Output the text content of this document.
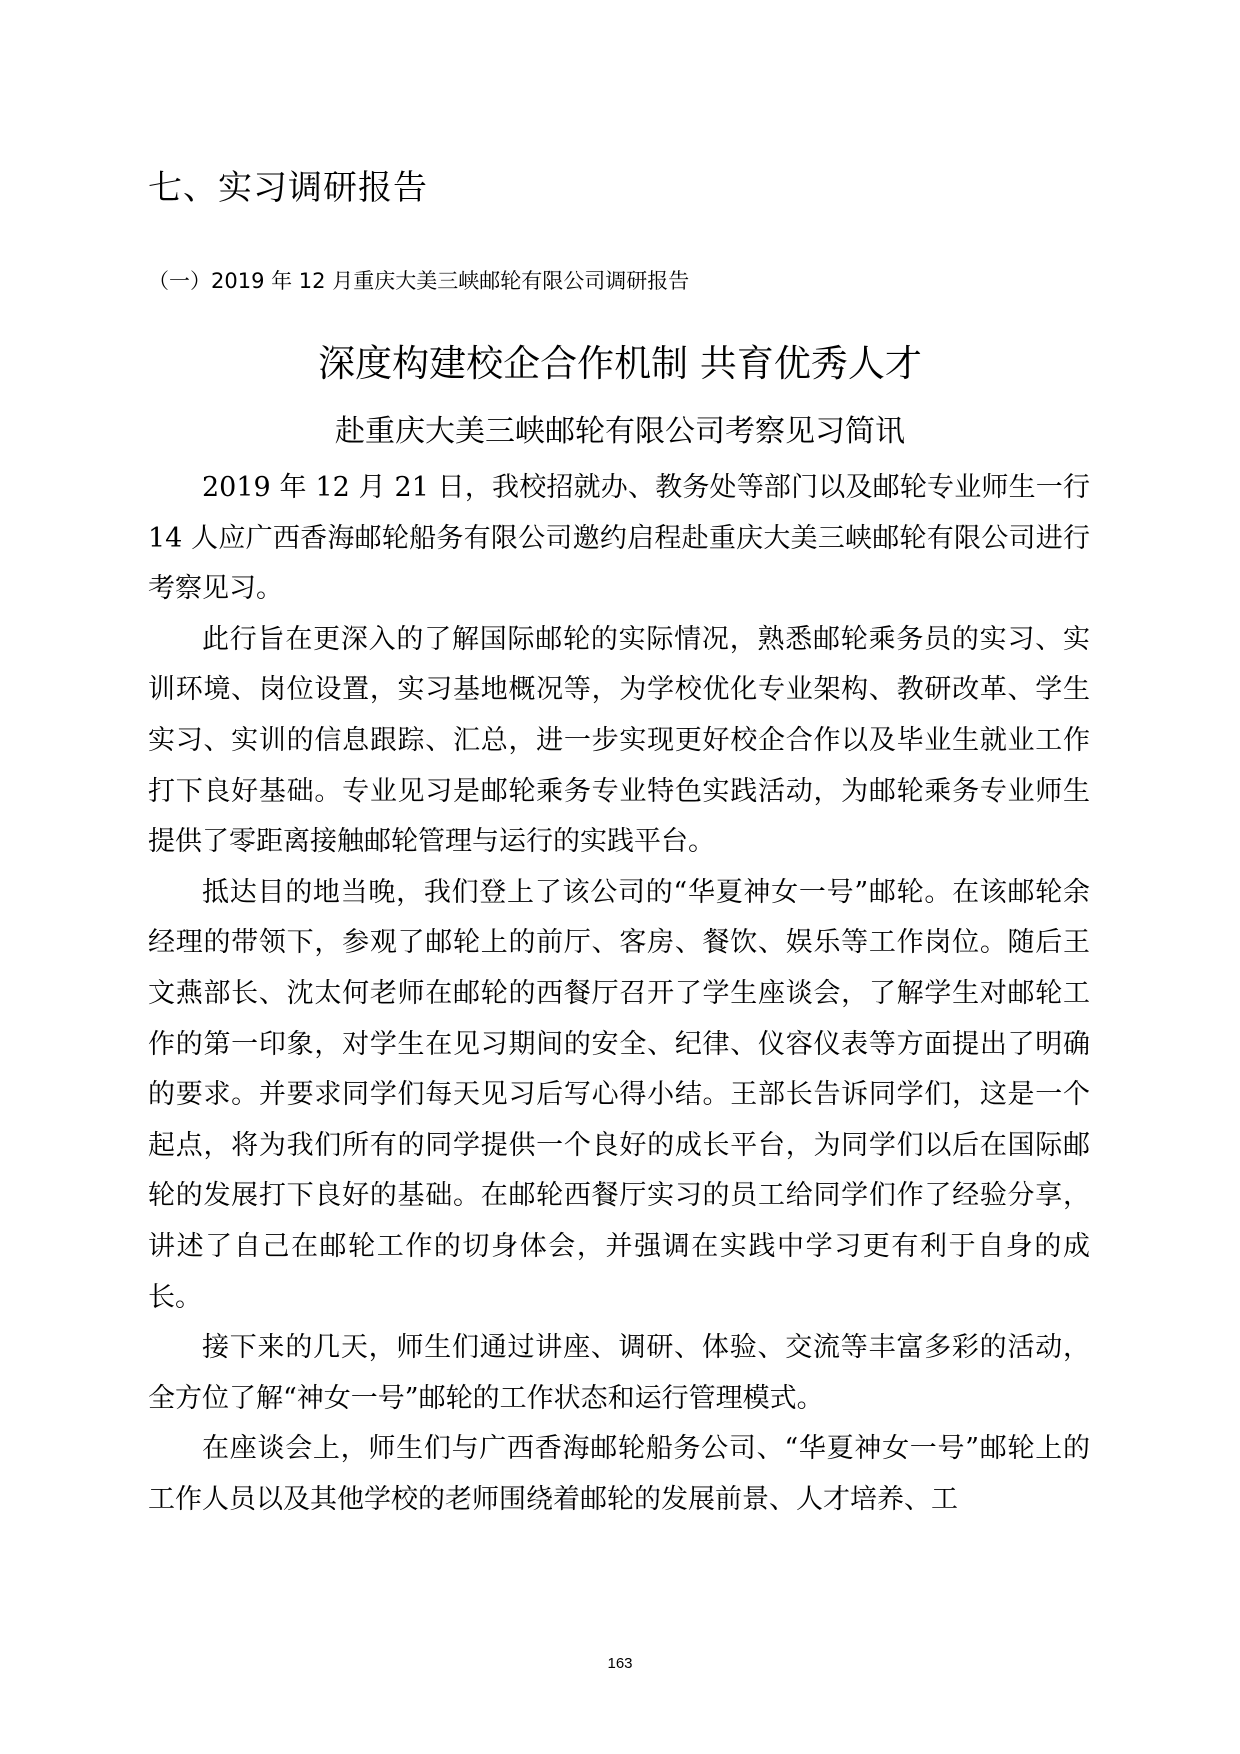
七、实习调研报告
（一）2019 年 12 月重庆大美三峡邮轮有限公司调研报告
深度构建校企合作机制 共育优秀人才
赴重庆大美三峡邮轮有限公司考察见习简讯

2019 年 12 月 21 日，我校招就办、教务处等部门以及邮轮专业师生一行 14 人应广西香海邮轮船务有限公司邀约启程赴重庆大美三峡邮轮有限公司进行考察见习。

此行旨在更深入的了解国际邮轮的实际情况，熟悉邮轮乘务员的实习、实训环境、岗位设置，实习基地概况等，为学校优化专业架构、教研改革、学生实习、实训的信息跟踪、汇总，进一步实现更好校企合作以及毕业生就业工作打下良好基础。专业见习是邮轮乘务专业特色实践活动，为邮轮乘务专业师生提供了零距离接触邮轮管理与运行的实践平台。

抵达目的地当晚，我们登上了该公司的“华夏神女一号”邮轮。在该邮轮余经理的带领下，参观了邮轮上的前厅、客房、餐饮、娱乐等工作岗位。随后王文燕部长、沈太何老师在邮轮的西餐厅召开了学生座谈会，了解学生对邮轮工作的第一印象，对学生在见习期间的安全、纪律、仪容仪表等方面提出了明确的要求。并要求同学们每天见习后写心得小结。王部长告诉同学们，这是一个起点，将为我们所有的同学提供一个良好的成长平台，为同学们以后在国际邮轮的发展打下良好的基础。在邮轮西餐厅实习的员工给同学们作了经验分享，讲述了自己在邮轮工作的切身体会，并强调在实践中学习更有利于自身的成长。

接下来的几天，师生们通过讲座、调研、体验、交流等丰富多彩的活动，全方位了解“神女一号”邮轮的工作状态和运行管理模式。

在座谈会上，师生们与广西香海邮轮船务公司、“华夏神女一号”邮轮上的工作人员以及其他学校的老师围绕着邮轮的发展前景、人才培养、工

163
